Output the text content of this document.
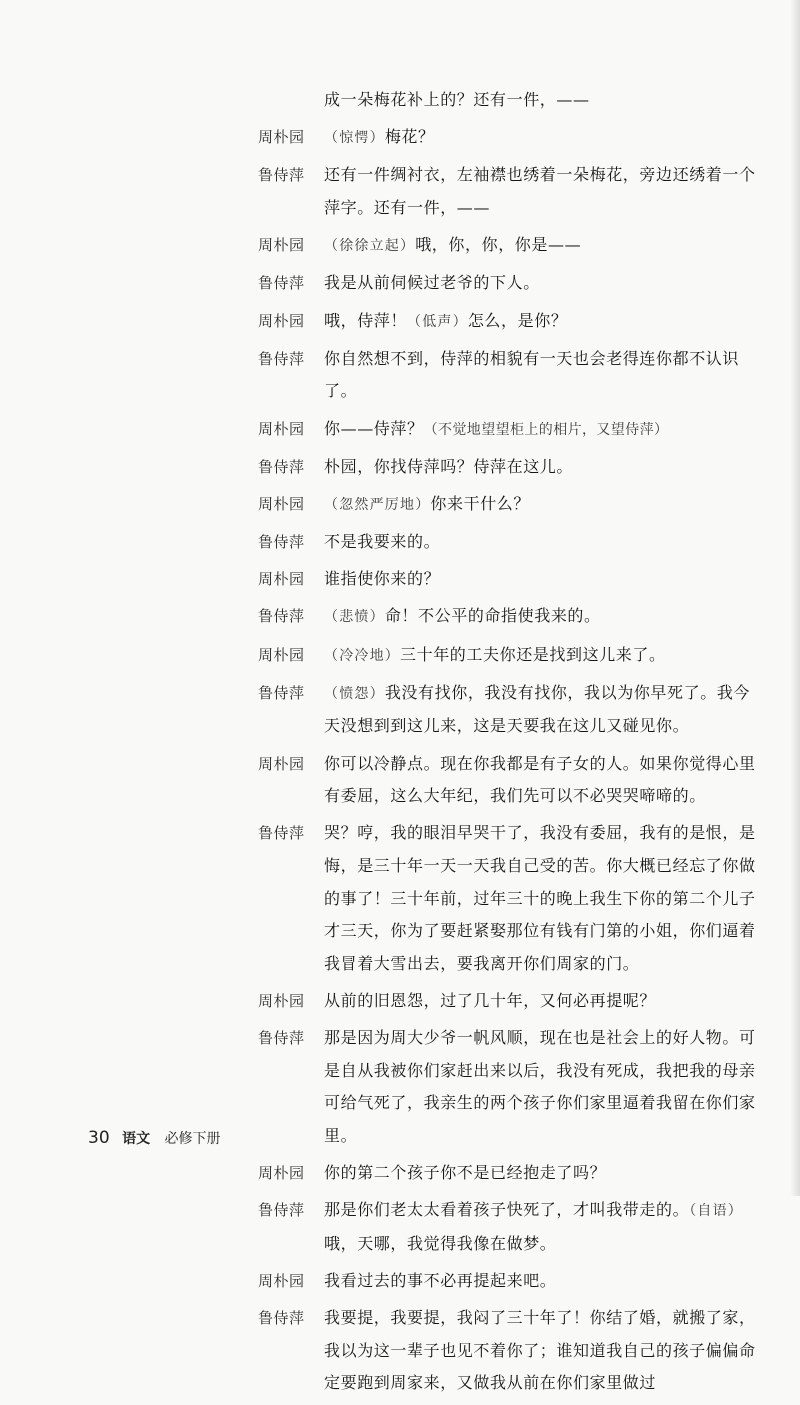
成一朵梅花补上的？还有一件，——
周朴园	（惊愕）梅花？
鲁侍萍	还有一件绸衬衣，左袖襟也绣着一朵梅花，旁边还绣着一个萍字。还有一件，——
周朴园	（徐徐立起）哦，你，你，你是——
鲁侍萍	我是从前伺候过老爷的下人。
周朴园	哦，侍萍！（低声）怎么，是你？
鲁侍萍	你自然想不到，侍萍的相貌有一天也会老得连你都不认识了。
周朴园	你——侍萍？（不觉地望望柜上的相片，又望侍萍）
鲁侍萍	朴园，你找侍萍吗？侍萍在这儿。
周朴园	（忽然严厉地）你来干什么？
鲁侍萍	不是我要来的。
周朴园	谁指使你来的？
鲁侍萍	（悲愤）命！不公平的命指使我来的。
周朴园	（冷冷地）三十年的工夫你还是找到这儿来了。
鲁侍萍	（愤怨）我没有找你，我没有找你，我以为你早死了。我今天没想到到这儿来，这是天要我在这儿又碰见你。
周朴园	你可以冷静点。现在你我都是有子女的人。如果你觉得心里有委屈，这么大年纪，我们先可以不必哭哭啼啼的。
鲁侍萍	哭？哼，我的眼泪早哭干了，我没有委屈，我有的是恨，是悔，是三十年一天一天我自己受的苦。你大概已经忘了你做的事了！三十年前，过年三十的晚上我生下你的第二个儿子才三天，你为了要赶紧娶那位有钱有门第的小姐，你们逼着我冒着大雪出去，要我离开你们周家的门。
周朴园	从前的旧恩怨，过了几十年，又何必再提呢？
鲁侍萍	那是因为周大少爷一帆风顺，现在也是社会上的好人物。可是自从我被你们家赶出来以后，我没有死成，我把我的母亲可给气死了，我亲生的两个孩子你们家里逼着我留在你们家里。
周朴园	你的第二个孩子你不是已经抱走了吗？
鲁侍萍	那是你们老太太看着孩子快死了，才叫我带走的。（自语）哦，天哪，我觉得我像在做梦。
周朴园	我看过去的事不必再提起来吧。
鲁侍萍	我要提，我要提，我闷了三十年了！你结了婚，就搬了家，我以为这一辈子也见不着你了；谁知道我自己的孩子偏偏命定要跑到周家来，又做我从前在你们家里做过
30 语文 必修下册
